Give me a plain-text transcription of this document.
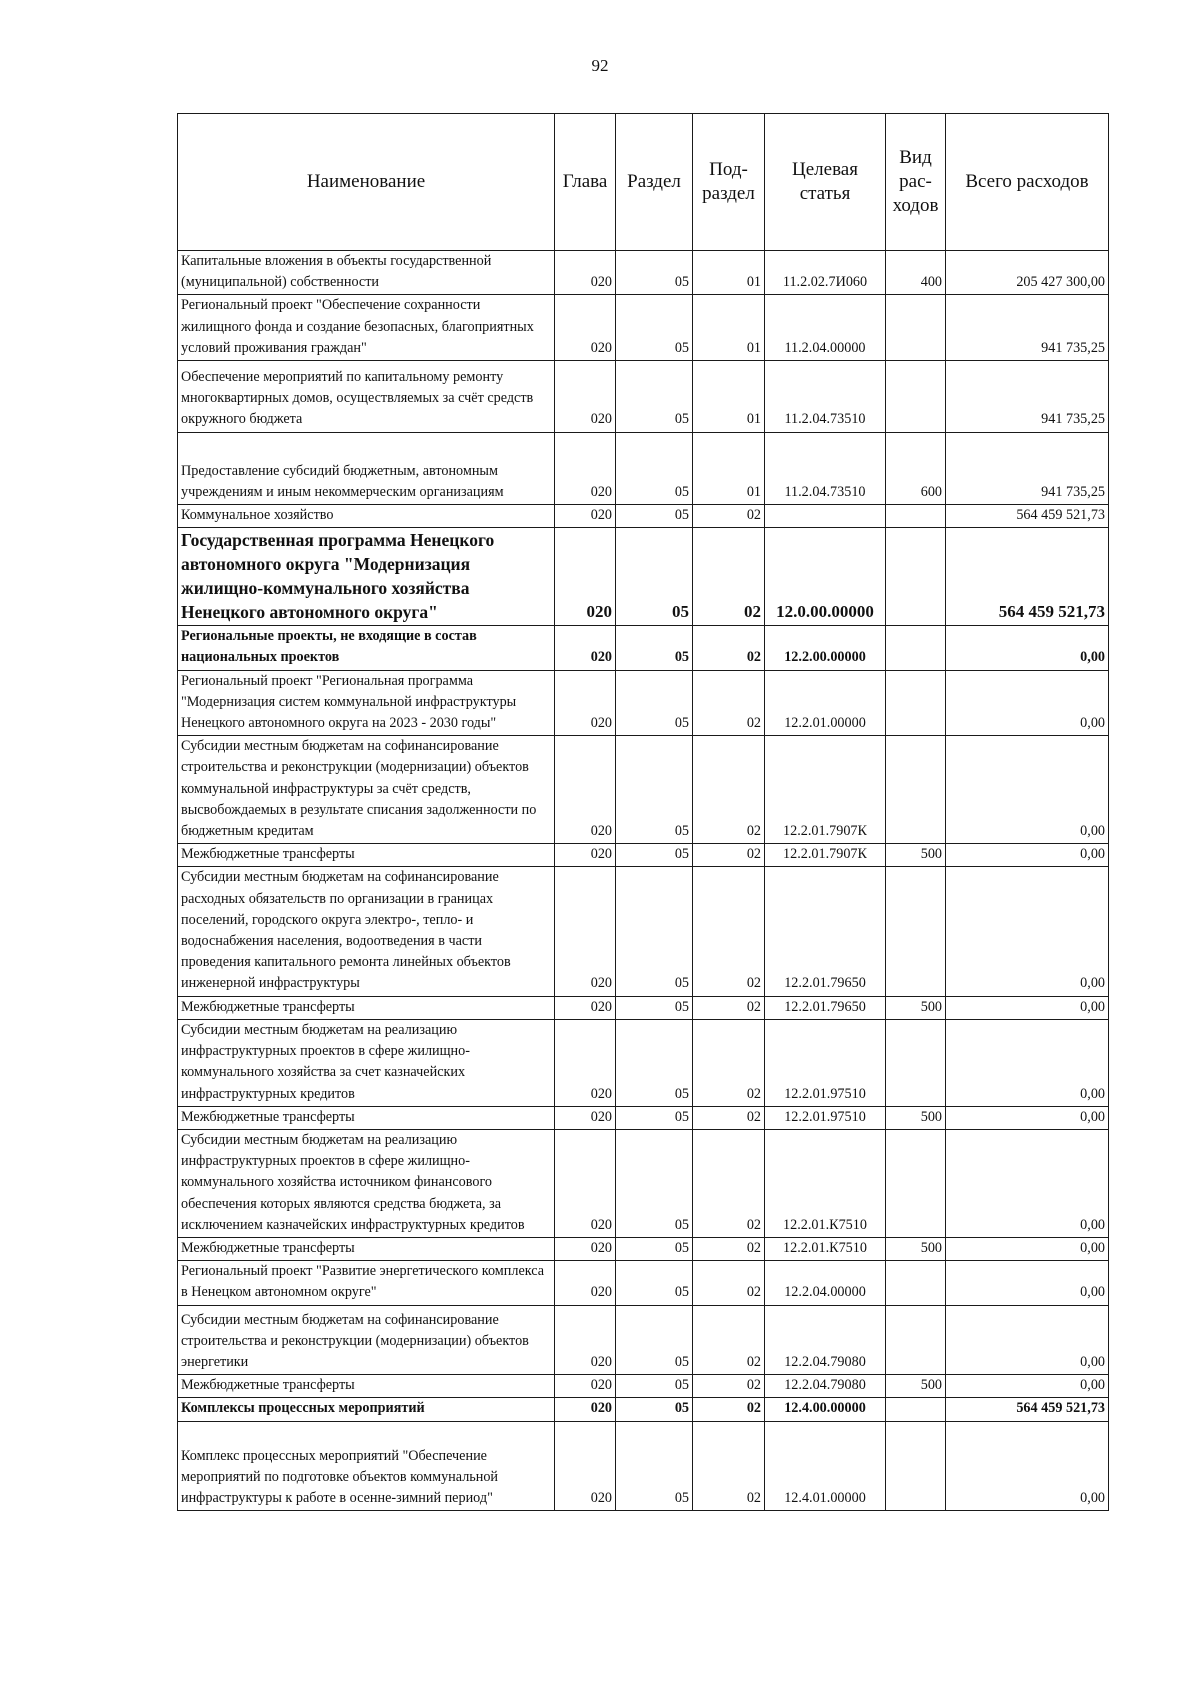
92
Наименование	Глава	Раздел	Под-раздел	Целевая статья	Вид рас-ходов	Всего расходов
Капитальные вложения в объекты государственной (муниципальной) собственности	020	05	01	11.2.02.7И060	400	205 427 300,00
Региональный проект "Обеспечение сохранности жилищного фонда и создание безопасных, благоприятных условий проживания граждан"	020	05	01	11.2.04.00000		941 735,25
Обеспечение мероприятий по капитальному ремонту многоквартирных домов, осуществляемых за счёт средств окружного бюджета	020	05	01	11.2.04.73510		941 735,25
Предоставление субсидий бюджетным, автономным учреждениям и иным некоммерческим организациям	020	05	01	11.2.04.73510	600	941 735,25
Коммунальное хозяйство	020	05	02			564 459 521,73
Государственная программа Ненецкого автономного округа "Модернизация жилищно-коммунального хозяйства Ненецкого автономного округа"	020	05	02	12.0.00.00000		564 459 521,73
Региональные проекты, не входящие в состав национальных проектов	020	05	02	12.2.00.00000		0,00
Региональный проект "Региональная программа "Модернизация систем коммунальной инфраструктуры Ненецкого автономного округа на 2023 - 2030 годы"	020	05	02	12.2.01.00000		0,00
Субсидии местным бюджетам на софинансирование строительства и реконструкции (модернизации) объектов коммунальной инфраструктуры за счёт средств, высвобождаемых в результате списания задолженности по бюджетным кредитам	020	05	02	12.2.01.7907К		0,00
Межбюджетные трансферты	020	05	02	12.2.01.7907К	500	0,00
Субсидии местным бюджетам на софинансирование расходных обязательств по организации в границах поселений, городского округа электро-, тепло- и водоснабжения населения, водоотведения в части проведения капитального ремонта линейных объектов инженерной инфраструктуры	020	05	02	12.2.01.79650		0,00
Межбюджетные трансферты	020	05	02	12.2.01.79650	500	0,00
Субсидии местным бюджетам на реализацию инфраструктурных проектов в сфере жилищно-коммунального хозяйства за счет казначейских инфраструктурных кредитов	020	05	02	12.2.01.97510		0,00
Межбюджетные трансферты	020	05	02	12.2.01.97510	500	0,00
Субсидии местным бюджетам на реализацию инфраструктурных проектов в сфере жилищно-коммунального хозяйства источником финансового обеспечения которых являются средства бюджета, за исключением казначейских инфраструктурных кредитов	020	05	02	12.2.01.К7510		0,00
Межбюджетные трансферты	020	05	02	12.2.01.К7510	500	0,00
Региональный проект "Развитие энергетического комплекса в Ненецком автономном округе"	020	05	02	12.2.04.00000		0,00
Субсидии местным бюджетам на софинансирование строительства и реконструкции (модернизации) объектов энергетики	020	05	02	12.2.04.79080		0,00
Межбюджетные трансферты	020	05	02	12.2.04.79080	500	0,00
Комплексы процессных мероприятий	020	05	02	12.4.00.00000		564 459 521,73
Комплекс процессных мероприятий "Обеспечение мероприятий по подготовке объектов коммунальной инфраструктуры к работе в осенне-зимний период"	020	05	02	12.4.01.00000		0,00
